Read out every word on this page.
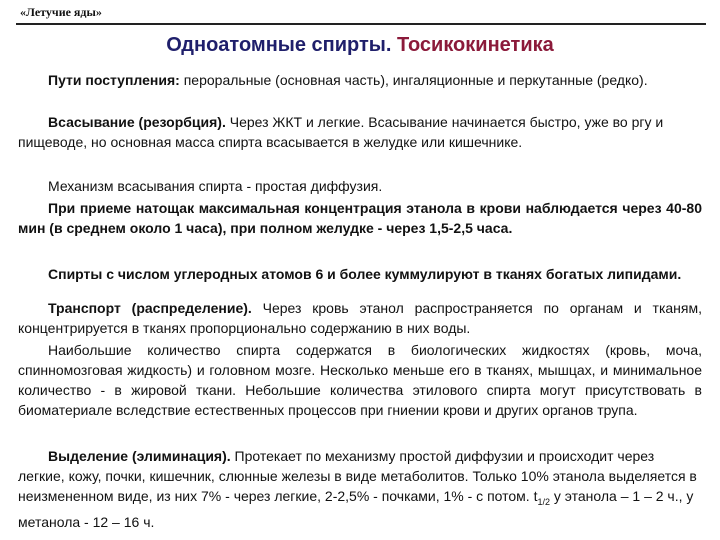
«Летучие яды»
Одноатомные спирты. Тосикокинетика

Пути поступления: пероральные (основная часть), ингаляционные и перкутанные (редко).

Всасывание (резорбция). Через ЖКТ и легкие. Всасывание начинается быстро, уже во ргу и пищеводе, но основная масса спирта всасывается в желудке или кишечнике.

Механизм всасывания спирта - простая диффузия.

При приеме натощак максимальная концентрация этанола в крови наблюдается через 40-80 мин (в среднем около 1 часа), при полном желудке - через 1,5-2,5 часа.

Спирты с числом углеродных атомов 6 и более куммулируют в тканях богатых липидами.

Транспорт (распределение). Через кровь этанол распространяется по органам и тканям, концентрируется в тканях пропорционально содержанию в них воды.

Наибольшие количество спирта содержатся в биологических жидкостях (кровь, моча, спинномозговая жидкость) и головном мозге. Несколько меньше его в тканях, мышцах, и минимальное количество - в жировой ткани. Небольшие количества этилового спирта могут присутствовать в биоматериале вследствие естественных процессов при гниении крови и других органов трупа.

Выделение (элиминация). Протекает по механизму простой диффузии и происходит через легкие, кожу, почки, кишечник, слюнные железы в виде метаболитов. Только 10% этанола выделяется в неизмененном виде, из них 7% - через легкие, 2-2,5% - почками, 1% - с потом. $t_{1/2}$ у этанола – 1 – 2 ч., у метанола - 12 – 16 ч.
